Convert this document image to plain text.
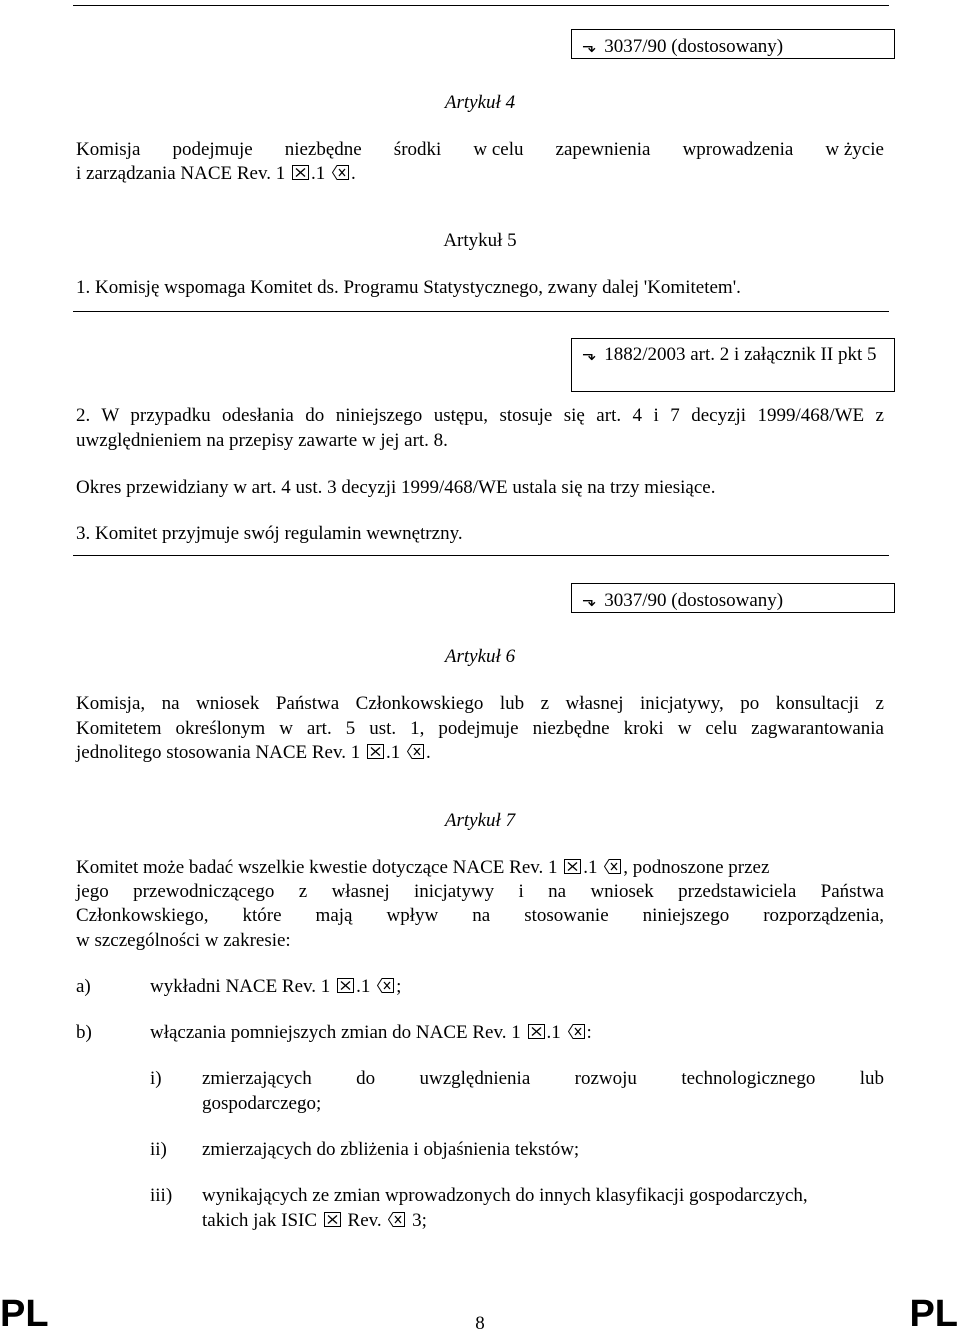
⬎ 3037/90 (dostosowany)
Artykuł 4
Komisja podejmuje niezbędne środki w celu zapewnienia wprowadzenia w życie
i zarządzania NACE Rev. 1 .1 .
Artykuł 5
1. Komisję wspomaga Komitet ds. Programu Statystycznego, zwany dalej 'Komitetem'.
⬎ 1882/2003 art. 2 i załącznik II pkt 5
2. W przypadku odesłania do niniejszego ustępu, stosuje się art. 4 i 7 decyzji 1999/468/WE z
uwzględnieniem na przepisy zawarte w jej art. 8.
Okres przewidziany w art. 4 ust. 3 decyzji 1999/468/WE ustala się na trzy miesiące.
3. Komitet przyjmuje swój regulamin wewnętrzny.
⬎ 3037/90 (dostosowany)
Artykuł 6
Komisja, na wniosek Państwa Członkowskiego lub z własnej inicjatywy, po konsultacji z
Komitetem określonym w art. 5 ust. 1, podejmuje niezbędne kroki w celu zagwarantowania
jednolitego stosowania NACE Rev. 1 .1 .
Artykuł 7
Komitet może badać wszelkie kwestie dotyczące NACE Rev. 1 .1 , podnoszone przez
jego przewodniczącego z własnej inicjatywy i na wniosek przedstawiciela Państwa
Członkowskiego, które mają wpływ na stosowanie niniejszego rozporządzenia,
w szczególności w zakresie:
a)	wykładni NACE Rev. 1 .1 ;
b)	włączania pomniejszych zmian do NACE Rev. 1 .1 :
i) zmierzających do uwzględnienia rozwoju technologicznego lub
gospodarczego;
ii) zmierzających do zbliżenia i objaśnienia tekstów;
iii) wynikających ze zmian wprowadzonych do innych klasyfikacji gospodarczych,
takich jak ISIC Rev. 3;
PL	8	PL
